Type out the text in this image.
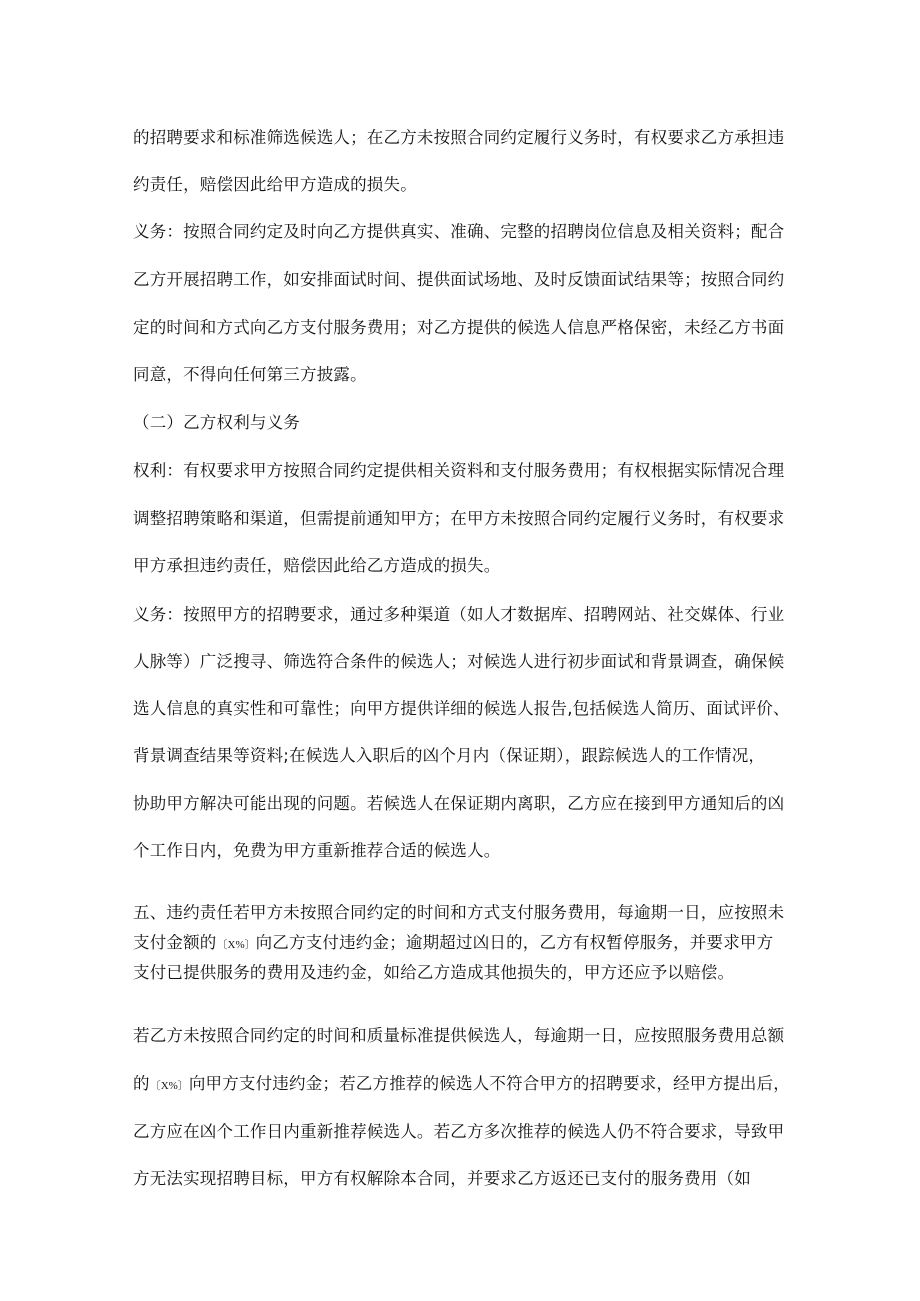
的招聘要求和标准筛选候选人；在乙方未按照合同约定履行义务时，有权要求乙方承担违
约责任，赔偿因此给甲方造成的损失。
义务：按照合同约定及时向乙方提供真实、准确、完整的招聘岗位信息及相关资料；配合
乙方开展招聘工作，如安排面试时间、提供面试场地、及时反馈面试结果等；按照合同约
定的时间和方式向乙方支付服务费用；对乙方提供的候选人信息严格保密，未经乙方书面
同意，不得向任何第三方披露。
（二）乙方权利与义务
权利：有权要求甲方按照合同约定提供相关资料和支付服务费用；有权根据实际情况合理
调整招聘策略和渠道，但需提前通知甲方；在甲方未按照合同约定履行义务时，有权要求
甲方承担违约责任，赔偿因此给乙方造成的损失。
义务：按照甲方的招聘要求，通过多种渠道（如人才数据库、招聘网站、社交媒体、行业
人脉等）广泛搜寻、筛选符合条件的候选人；对候选人进行初步面试和背景调查，确保候
选人信息的真实性和可靠性；向甲方提供详细的候选人报告,包括候选人简历、面试评价、
背景调查结果等资料;在候选人入职后的凶个月内（保证期），跟踪候选人的工作情况，
协助甲方解决可能出现的问题。若候选人在保证期内离职，乙方应在接到甲方通知后的凶
个工作日内，免费为甲方重新推荐合适的候选人。
五、违约责任若甲方未按照合同约定的时间和方式支付服务费用，每逾期一日，应按照未
支付金额的〔X%〕向乙方支付违约金；逾期超过凶日的，乙方有权暂停服务，并要求甲方
支付已提供服务的费用及违约金，如给乙方造成其他损失的，甲方还应予以赔偿。
若乙方未按照合同约定的时间和质量标准提供候选人，每逾期一日，应按照服务费用总额
的〔X%〕向甲方支付违约金；若乙方推荐的候选人不符合甲方的招聘要求，经甲方提出后，
乙方应在凶个工作日内重新推荐候选人。若乙方多次推荐的候选人仍不符合要求，导致甲
方无法实现招聘目标，甲方有权解除本合同，并要求乙方返还已支付的服务费用（如
